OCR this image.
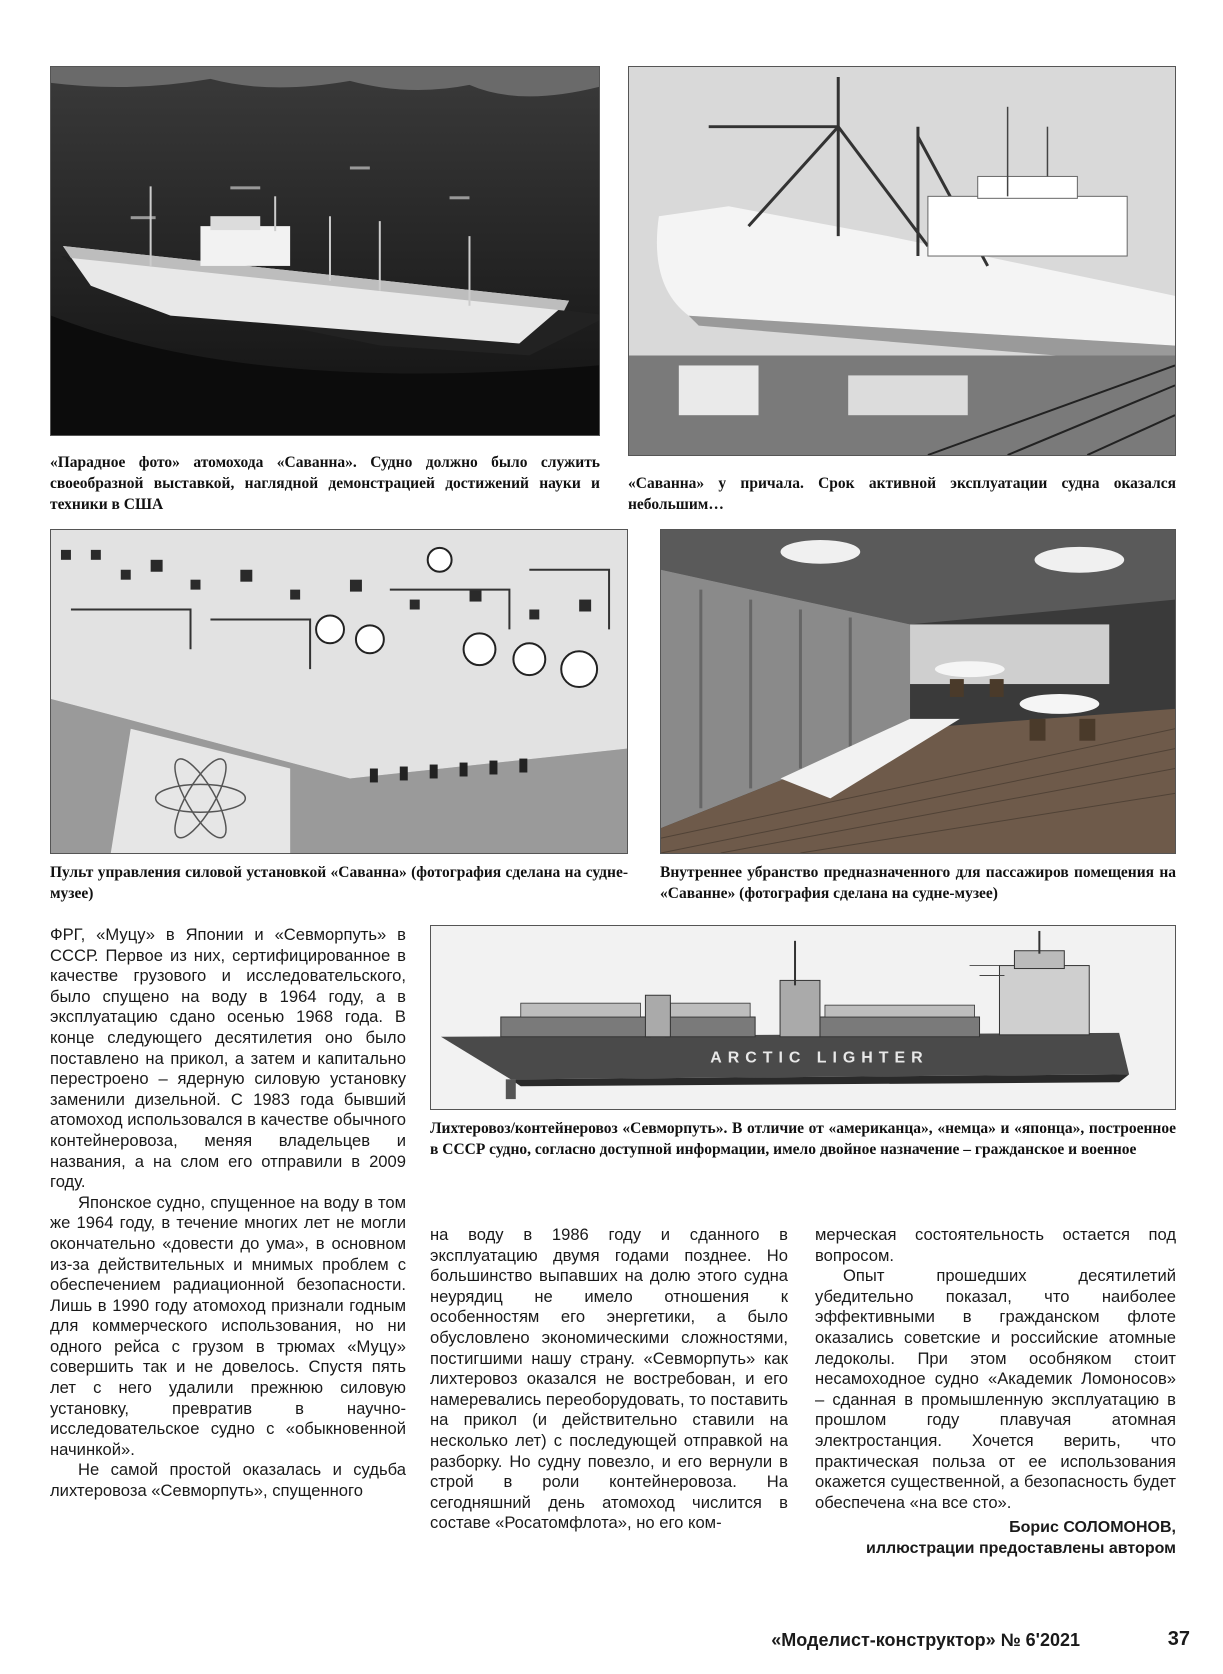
«Парадное фото» атомохода «Саванна». Судно должно было служить своеобразной выставкой, наглядной демонстрацией достижений науки и техники в США
«Саванна» у причала. Срок активной эксплуатации судна оказался небольшим…
Пульт управления силовой установкой «Саванна» (фотография сделана на судне-музее)
Внутреннее убранство предназначенного для пассажиров помещения на «Саванне» (фотография сделана на судне-музее)
ARCTIC LIGHTER
Лихтеровоз/контейнеровоз «Севморпуть». В отличие от «американца», «немца» и «японца», построенное в СССР судно, согласно доступной информации, имело двойное назначение – гражданское и военное

ФРГ, «Муцу» в Японии и «Севморпуть» в СССР. Первое из них, сертифицированное в качестве грузового и исследовательского, было спущено на воду в 1964 году, а в эксплуатацию сдано осенью 1968 года. В конце следующего десятилетия оно было поставлено на прикол, а затем и капитально перестроено – ядерную силовую установку заменили дизельной. С 1983 года бывший атомоход использовался в качестве обычного контейнеровоза, меняя владельцев и названия, а на слом его отправили в 2009 году.

Японское судно, спущенное на воду в том же 1964 году, в течение многих лет не могли окончательно «довести до ума», в основном из-за действительных и мнимых проблем с обеспечением радиационной безопасности. Лишь в 1990 году атомоход признали годным для коммерческого использования, но ни одного рейса с грузом в трюмах «Муцу» совершить так и не довелось. Спустя пять лет с него удалили прежнюю силовую установку, превратив в научно-исследовательское судно с «обыкновенной начинкой».

Не самой простой оказалась и судьба лихтеровоза «Севморпуть», спущенного

на воду в 1986 году и сданного в эксплуатацию двумя годами позднее. Но большинство выпавших на долю этого судна неурядиц не имело отношения к особенностям его энергетики, а было обусловлено экономическими сложностями, постигшими нашу страну. «Севморпуть» как лихтеровоз оказался не востребован, и его намеревались переоборудовать, то поставить на прикол (и действительно ставили на несколько лет) с последующей отправкой на разборку. Но судну повезло, и его вернули в строй в роли контейнеровоза. На сегодняшний день атомоход числится в составе «Росатомфлота», но его ком-

мерческая состоятельность остается под вопросом.

Опыт прошедших десятилетий убедительно показал, что наиболее эффективными в гражданском флоте оказались советские и российские атомные ледоколы. При этом особняком стоит несамоходное судно «Академик Ломоносов» – сданная в промышленную эксплуатацию в прошлом году плавучая атомная электростанция. Хочется верить, что практическая польза от ее использования окажется существенной, а безопасность будет обеспечена «на все сто».

Борис СОЛОМОНОВ,
иллюстрации предоставлены автором
«Моделист-конструктор» № 6'2021	37
